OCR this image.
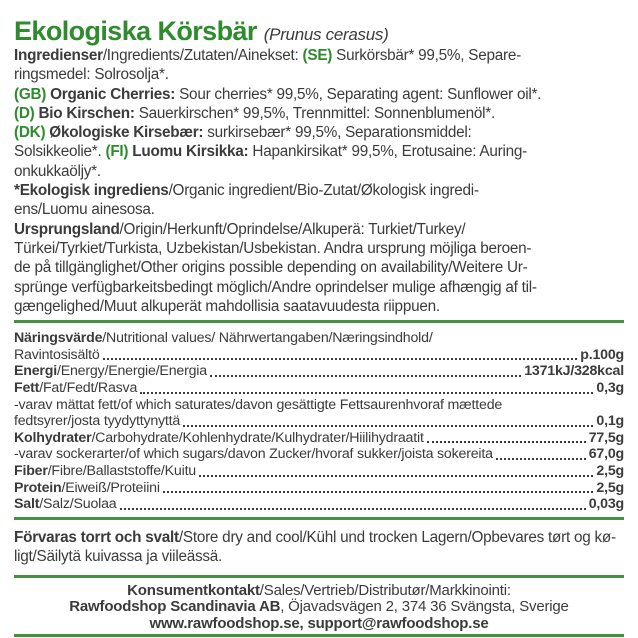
Ekologiska Körsbär (Prunus cerasus)
Ingredienser/Ingredients/Zutaten/Ainekset: (SE) Surkörsbär* 99,5%, Separe-
ringsmedel: Solrosolja*.
(GB) Organic Cherries: Sour cherries* 99,5%, Separating agent: Sunflower oil*.
(D) Bio Kirschen: Sauerkirschen* 99,5%, Trennmittel: Sonnenblumenöl*.
(DK) Økologiske Kirsebær: surkirsebær* 99,5%, Separationsmiddel:
Solsikkeolie*. (FI) Luomu Kirsikka: Hapankirsikat* 99,5%, Erotusaine: Auring-
onkukkaöljy*.
*Ekologisk ingrediens/Organic ingredient/Bio-Zutat/Økologisk ingredi-
ens/Luomu ainesosa.
Ursprungsland/Origin/Herkunft/Oprindelse/Alkuperä: Turkiet/Turkey/
Türkei/Tyrkiet/Turkista, Uzbekistan/Usbekistan. Andra ursprung möjliga beroen-
de på tillgänglighet/Other origins possible depending on availability/Weitere Ur-
sprünge verfügbarkeitsbedingt möglich/Andre oprindelser mulige afhængig af til-
gængelighed/Muut alkuperät mahdollisia saatavuudesta riippuen.
Näringsvärde/Nutritional values/ Nährwertangaben/Næringsindhold/
Ravintosisältö	p.100g
Energi/Energy/Energie/Energia	1371kJ/328kcal
Fett/Fat/Fedt/Rasva	0,3g
-varav mättat fett/of which saturates/davon gesättigte Fettsaurenhvoraf mættede
fedtsyrer/josta tyydyttynyttä	0,1g
Kolhydrater/Carbohydrate/Kohlenhydrate/Kulhydrater/Hiilihydraatit	77,5g
-varav sockerarter/of which sugars/davon Zucker/hvoraf sukker/joista sokereita	67,0g
Fiber/Fibre/Ballaststoffe/Kuitu	2,5g
Protein/Eiweiß/Proteiini	2,5g
Salt/Salz/Suolaa	0,03g
Förvaras torrt och svalt/Store dry and cool/Kühl und trocken Lagern/Opbevares tørt og kø-
ligt/Säilytä kuivassa ja viileässä.
Konsumentkontakt/Sales/Vertrieb/Distributør/Markkinointi:
Rawfoodshop Scandinavia AB, Öjavadsvägen 2, 374 36 Svängsta, Sverige
www.rawfoodshop.se, support@rawfoodshop.se
